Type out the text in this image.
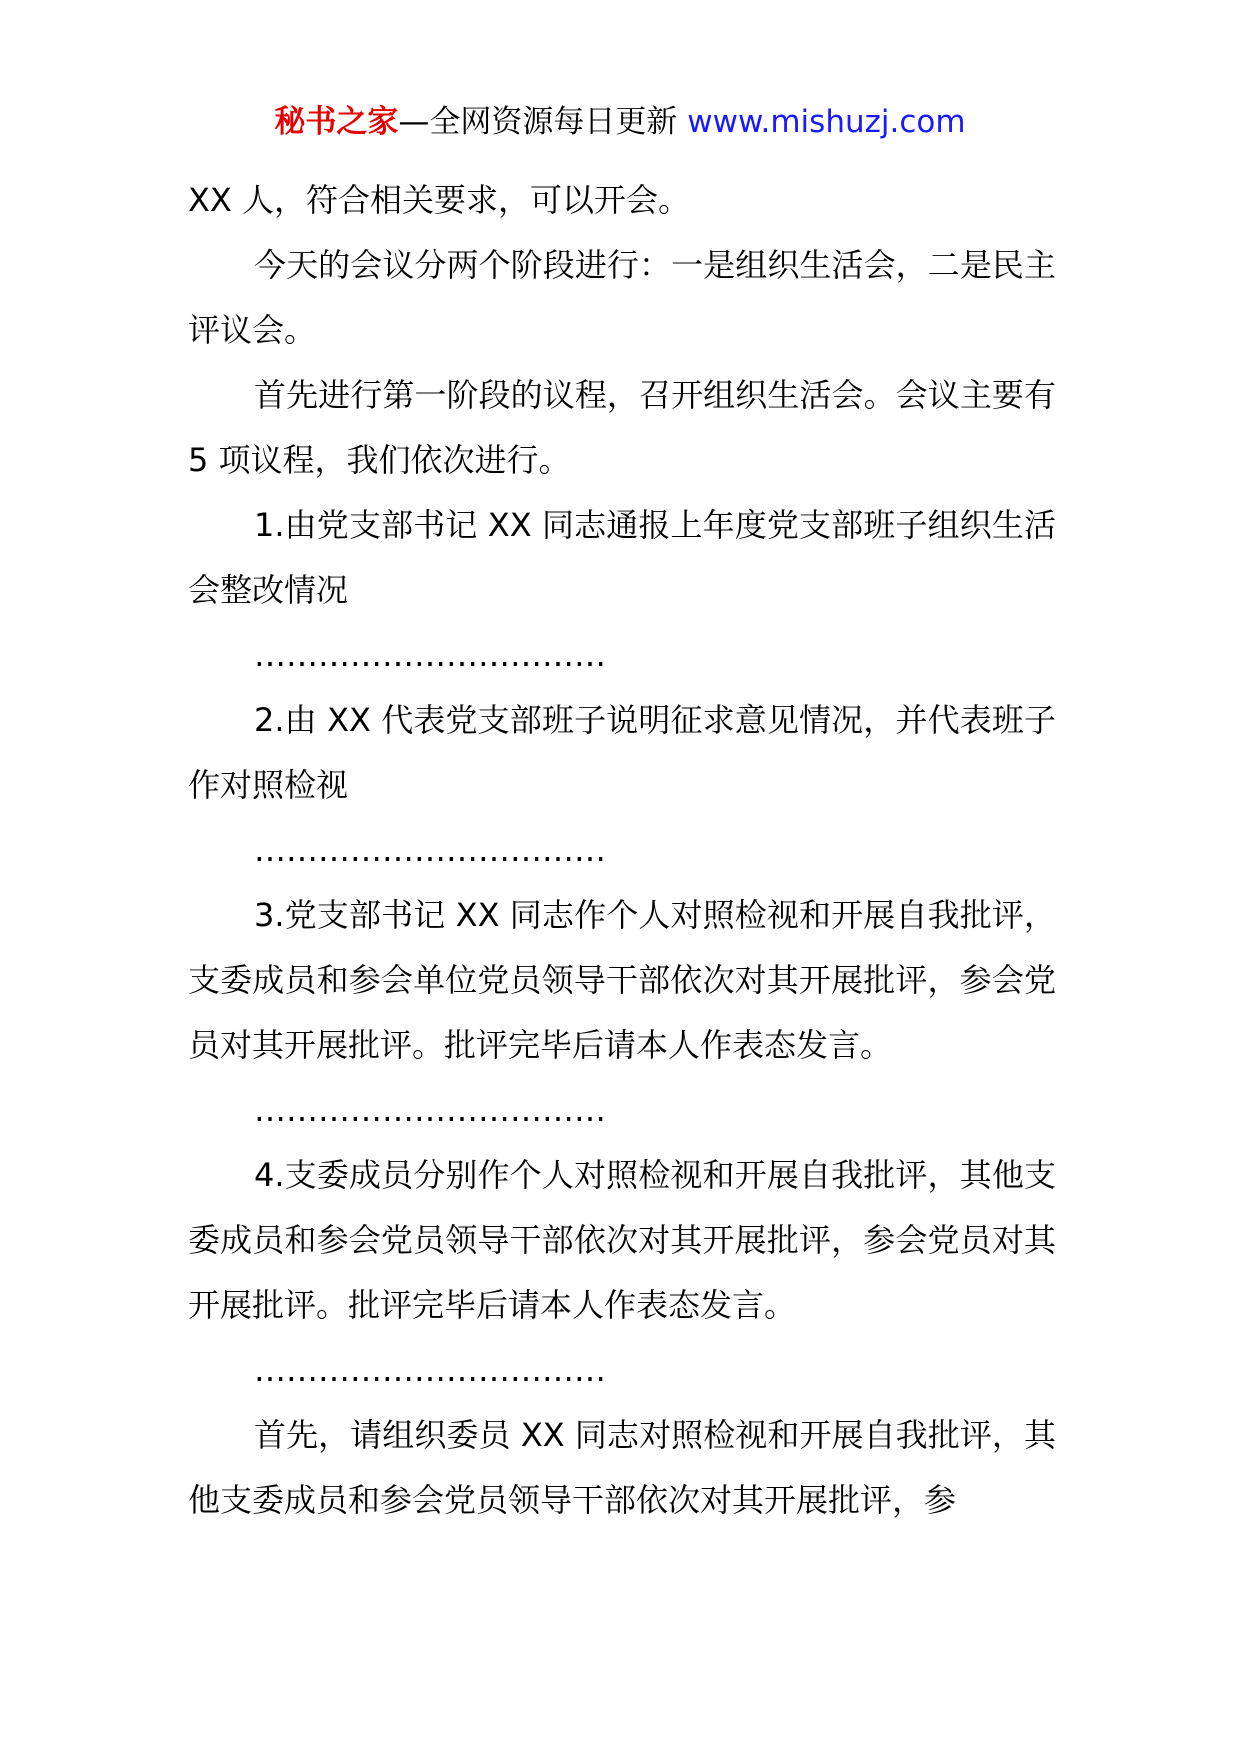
秘书之家—全网资源每日更新 www.mishuzj.com

XX 人，符合相关要求，可以开会。

今天的会议分两个阶段进行：一是组织生活会，二是民主评议会。

首先进行第一阶段的议程，召开组织生活会。会议主要有 5 项议程，我们依次进行。

1.由党支部书记 XX 同志通报上年度党支部班子组织生活会整改情况

……………………………

2.由 XX 代表党支部班子说明征求意见情况，并代表班子作对照检视

……………………………

3.党支部书记 XX 同志作个人对照检视和开展自我批评，支委成员和参会单位党员领导干部依次对其开展批评，参会党员对其开展批评。批评完毕后请本人作表态发言。

……………………………

4.支委成员分别作个人对照检视和开展自我批评，其他支委成员和参会党员领导干部依次对其开展批评，参会党员对其开展批评。批评完毕后请本人作表态发言。

……………………………

首先，请组织委员 XX 同志对照检视和开展自我批评，其他支委成员和参会党员领导干部依次对其开展批评，参
